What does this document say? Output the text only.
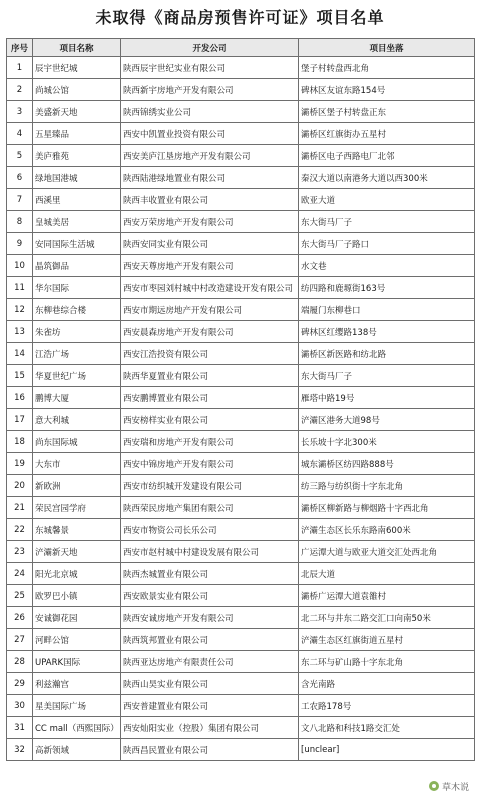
未取得《商品房预售许可证》项目名单
序号	项目名称	开发公司	项目坐落
1	辰宇世纪城	陕西辰宇世纪实业有限公司	堡子村转盘西北角
2	尚城公馆	陕西新宇房地产开发有限公司	碑林区友谊东路154号
3	美盛新天地	陕西锦绣实业公司	灞桥区堡子村转盘正东
4	五星臻品	西安中凯置业投资有限公司	灞桥区红旗街办五星村
5	美庐雅苑	西安美庐江垦房地产开发有限公司	灞桥区电子西路电厂北邻
6	绿地国港城	陕西陆港绿地置业有限公司	秦汉大道以南港务大道以西300米
7	西溪里	陕西丰收置业有限公司	欧亚大道
8	皇城美居	西安万荣房地产开发有限公司	东大街马厂子
9	安同国际生活城	陕西安同实业有限公司	东大街马厂子路口
10	晶筑御品	西安天尊房地产开发有限公司	水文巷
11	华尔国际	西安市枣园刘村城中村改造建设开发有限公司	纺四路和鹿塬街163号
12	东柳巷综合楼	西安市期远房地产开发有限公司	端履门东柳巷口
13	朱雀坊	西安晨森房地产开发有限公司	碑林区红缨路138号
14	江浩广场	西安江浩投资有限公司	灞桥区新医路和纺北路
15	华夏世纪广场	陕西华夏置业有限公司	东大街马厂子
16	鹏博大厦	西安鹏博置业有限公司	雁塔中路19号
17	意大利城	西安榜样实业有限公司	浐灞区港务大道98号
18	尚东国际城	西安瑞和房地产开发有限公司	长乐坡十字北300米
19	大东市	西安中锦房地产开发有限公司	城东灞桥区纺四路888号
20	新欧洲	西安市纺织城开发建设有限公司	纺三路与纺织街十字东北角
21	荣民宫园学府	陕西荣民房地产集团有限公司	灞桥区柳新路与柳烟路十字西北角
22	东城馨景	西安市物资公司长乐公司	浐灞生态区长乐东路南600米
23	浐灞新天地	西安市赵村城中村建设发展有限公司	广运潭大道与欧亚大道交汇处西北角
24	阳光北京城	陕西杰城置业有限公司	北辰大道
25	欧罗巴小镇	西安欧景实业有限公司	灞桥广运潭大道袁雒村
26	安诚御花园	陕西安诚房地产开发有限公司	北二环与井东二路交汇口向南50米
27	河畔公馆	陕西筑邦置业有限公司	浐灞生态区红旗街道五星村
28	UPARK国际	陕西亚达房地产有限责任公司	东二环与矿山路十字东北角
29	利兹瀚宫	陕西山昊实业有限公司	含光南路
30	星美国际广场	西安普建置业有限公司	工农路178号
31	CC mall（西熙国际）	西安灿阳实业（控股）集团有限公司	文八北路和科技1路交汇处
32	高新领域	陕西昌民置业有限公司	[unclear]
草木说
